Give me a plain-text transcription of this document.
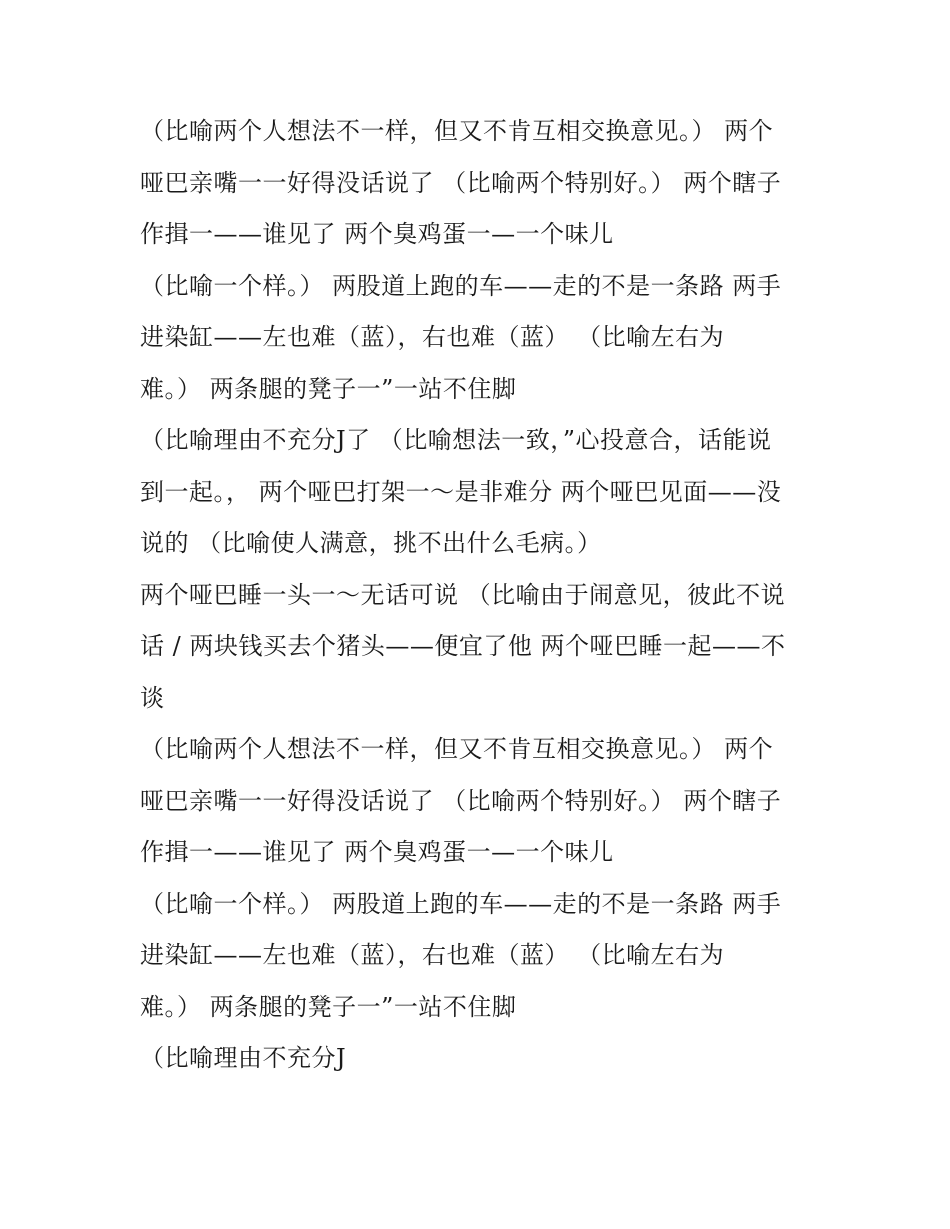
（比喻两个人想法不一样，但又不肯互相交换意见。） 两个
哑巴亲嘴一一好得没话说了 （比喻两个特别好。） 两个瞎子
作揖一——谁见了 两个臭鸡蛋一—一个味儿
（比喻一个样。） 两股道上跑的车——走的不是一条路 两手
进染缸——左也难（蓝），右也难（蓝） （比喻左右为
难。） 两条腿的凳子一”一站不住脚
（比喻理由不充分J了 （比喻想法一致，”心投意合，话能说
到一起。， 两个哑巴打架一～是非难分 两个哑巴见面——没
说的 （比喻使人满意，挑不出什么毛病。）
两个哑巴睡一头一～无话可说 （比喻由于闹意见，彼此不说
话 / 两块钱买去个猪头——便宜了他 两个哑巴睡一起——不
谈
（比喻两个人想法不一样，但又不肯互相交换意见。） 两个
哑巴亲嘴一一好得没话说了 （比喻两个特别好。） 两个瞎子
作揖一——谁见了 两个臭鸡蛋一—一个味儿
（比喻一个样。） 两股道上跑的车——走的不是一条路 两手
进染缸——左也难（蓝），右也难（蓝） （比喻左右为
难。） 两条腿的凳子一”一站不住脚
（比喻理由不充分J
